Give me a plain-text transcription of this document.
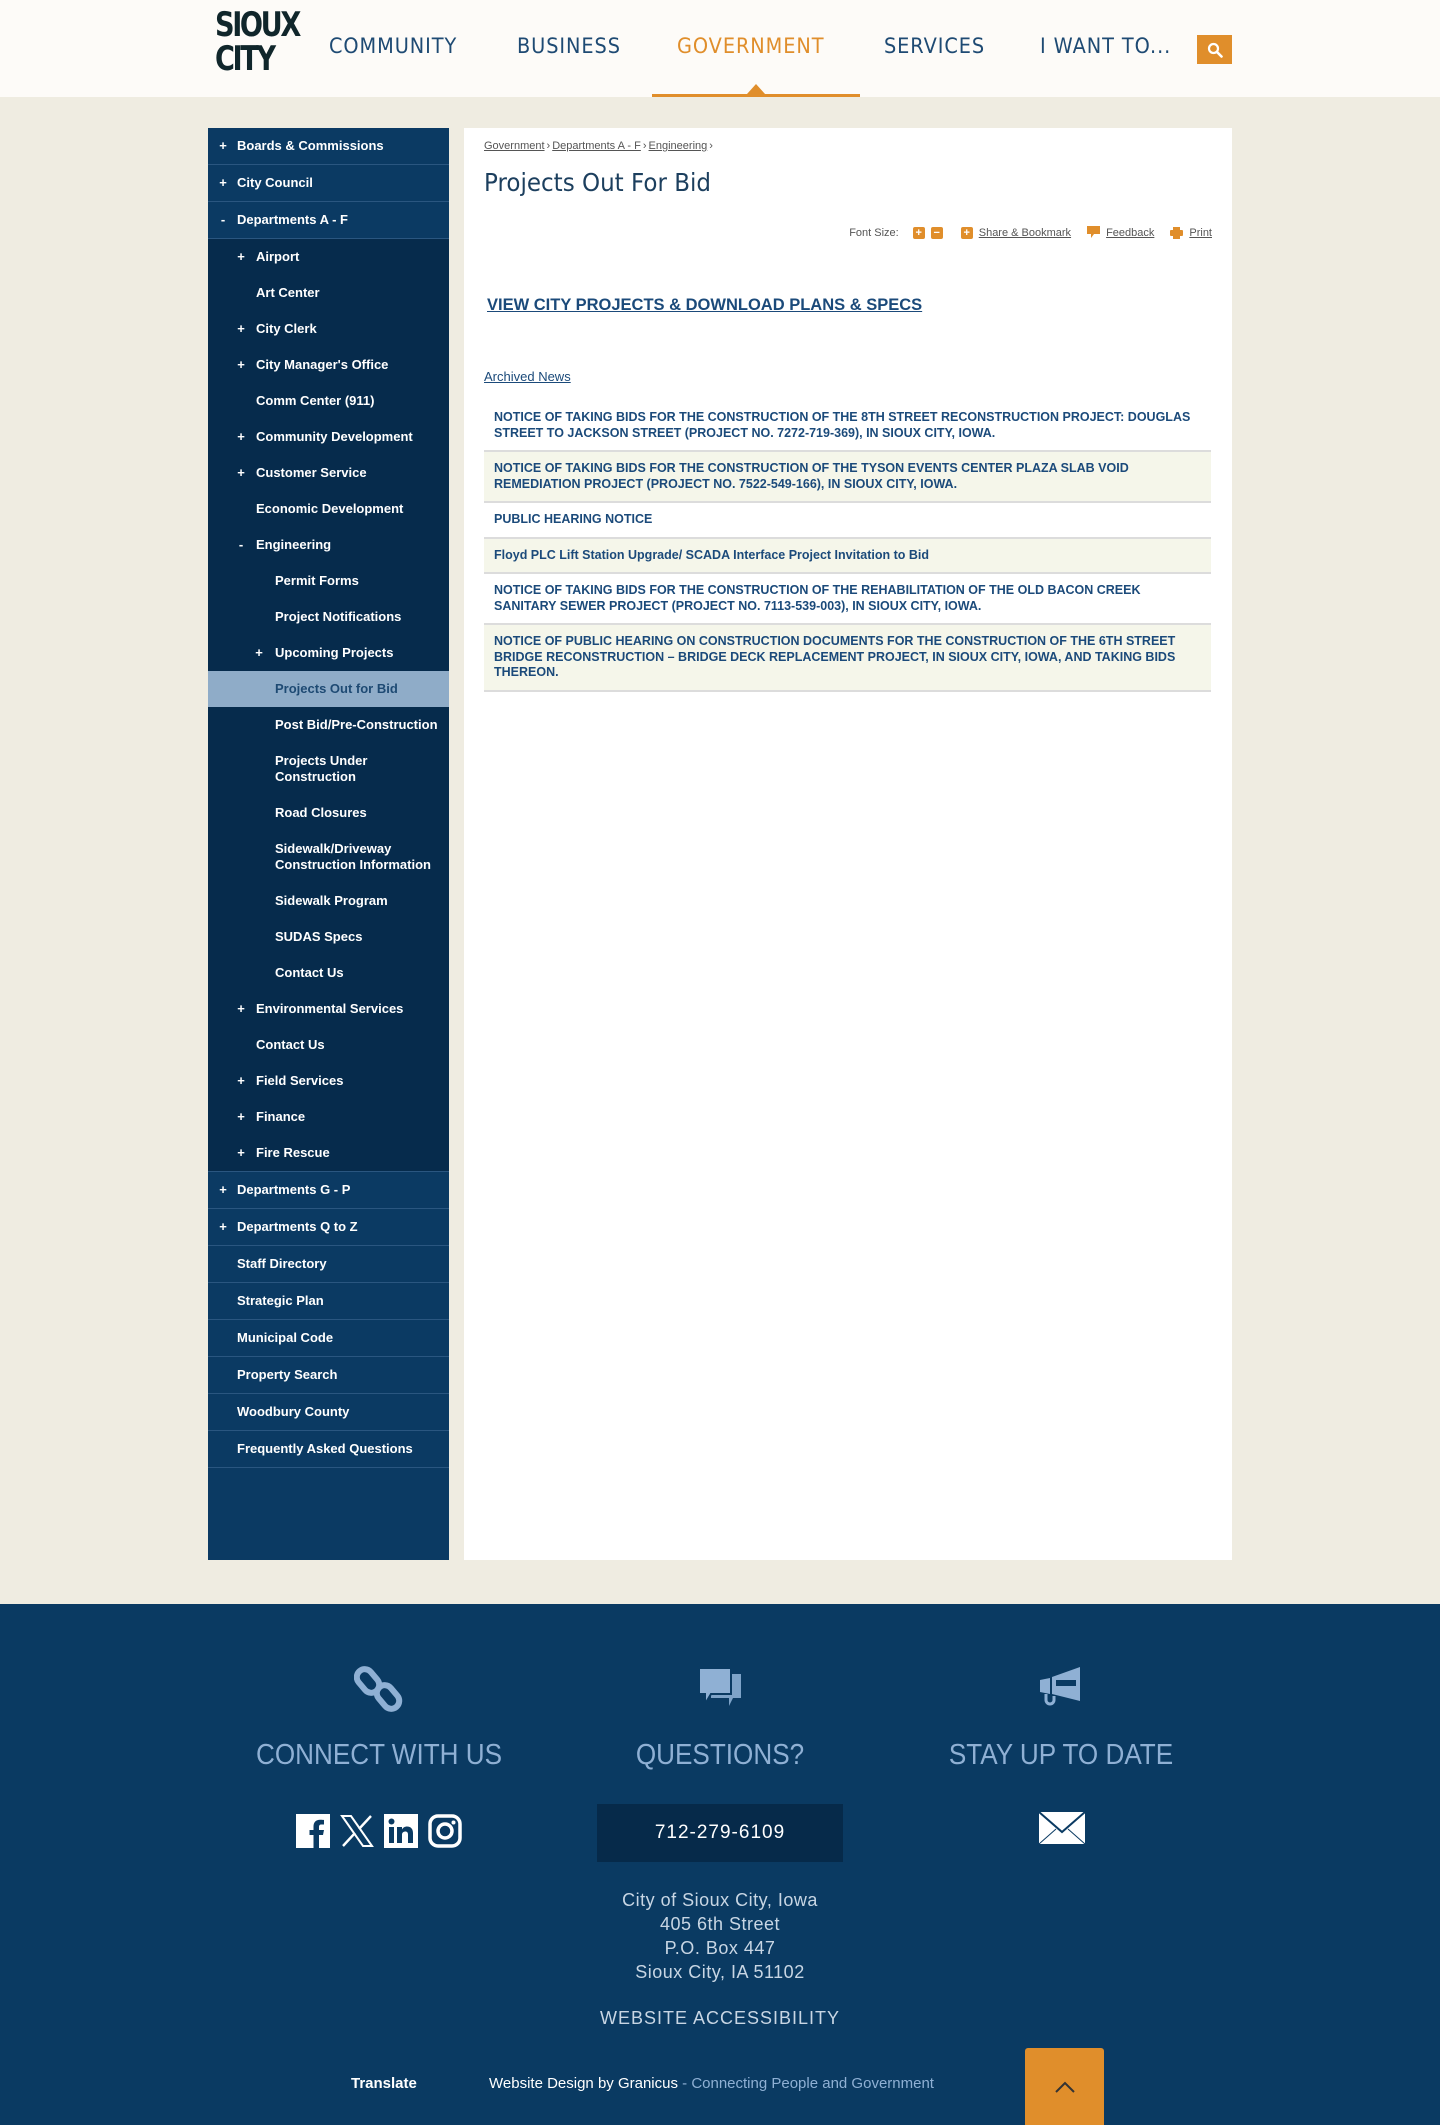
SIOUX
CITY	COMMUNITY	BUSINESS	GOVERNMENT	SERVICES	I WANT TO...
+ Boards & Commissions
+ City Council
- Departments A - F
+ Airport
Art Center
+ City Clerk
+ City Manager's Office
Comm Center (911)
+ Community Development
+ Customer Service
Economic Development
- Engineering
Permit Forms
Project Notifications
+ Upcoming Projects
Projects Out for Bid
Post Bid/Pre-Construction
Projects Under Construction
Road Closures
Sidewalk/Driveway Construction Information
Sidewalk Program
SUDAS Specs
Contact Us
+ Environmental Services
Contact Us
+ Field Services
+ Finance
+ Fire Rescue
+ Departments G - P
+ Departments Q to Z
Staff Directory
Strategic Plan
Municipal Code
Property Search
Woodbury County
Frequently Asked Questions
Government › Departments A - F › Engineering ›
Projects Out For Bid
Font Size: + − + Share & Bookmark	Feedback	Print
VIEW CITY PROJECTS & DOWNLOAD PLANS & SPECS
Archived News
NOTICE OF TAKING BIDS FOR THE CONSTRUCTION OF THE 8TH STREET RECONSTRUCTION PROJECT: DOUGLAS STREET TO JACKSON STREET (PROJECT NO. 7272-719-369), IN SIOUX CITY, IOWA.
NOTICE OF TAKING BIDS FOR THE CONSTRUCTION OF THE TYSON EVENTS CENTER PLAZA SLAB VOID REMEDIATION PROJECT (PROJECT NO. 7522-549-166), IN SIOUX CITY, IOWA.
PUBLIC HEARING NOTICE
Floyd PLC Lift Station Upgrade/ SCADA Interface Project Invitation to Bid
NOTICE OF TAKING BIDS FOR THE CONSTRUCTION OF THE REHABILITATION OF THE OLD BACON CREEK SANITARY SEWER PROJECT (PROJECT NO. 7113-539-003), IN SIOUX CITY, IOWA.
NOTICE OF PUBLIC HEARING ON CONSTRUCTION DOCUMENTS FOR THE CONSTRUCTION OF THE 6TH STREET BRIDGE RECONSTRUCTION – BRIDGE DECK REPLACEMENT PROJECT, IN SIOUX CITY, IOWA, AND TAKING BIDS THEREON.
CONNECT WITH US	QUESTIONS?
712-279-6109
STAY UP TO DATE
City of Sioux City, Iowa
405 6th Street
P.O. Box 447
Sioux City, IA 51102
WEBSITE ACCESSIBILITY
Translate	Website Design by Granicus - Connecting People and Government
